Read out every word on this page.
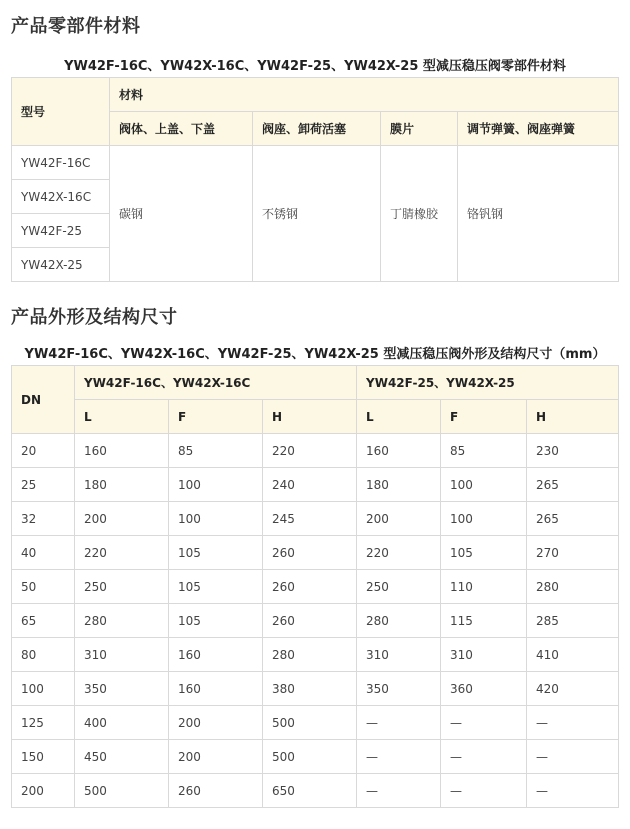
产品零部件材料
YW42F-16C、YW42X-16C、YW42F-25、YW42X-25 型减压稳压阀零部件材料
型号	材料			
	阀体、上盖、下盖	阀座、卸荷活塞	膜片	调节弹簧、阀座弹簧
YW42F-16C	碳钢	不锈钢	丁腈橡胶	铬钒钢
YW42X-16C				
YW42F-25				
YW42X-25				
产品外形及结构尺寸
YW42F-16C、YW42X-16C、YW42F-25、YW42X-25 型减压稳压阀外形及结构尺寸（mm）
DN	YW42F-16C、YW42X-16C			YW42F-25、YW42X-25		
	L	F	H	L	F	H
20	160	85	220	160	85	230
25	180	100	240	180	100	265
32	200	100	245	200	100	265
40	220	105	260	220	105	270
50	250	105	260	250	110	280
65	280	105	260	280	115	285
80	310	160	280	310	310	410
100	350	160	380	350	360	420
125	400	200	500	—	—	—
150	450	200	500	—	—	—
200	500	260	650	—	—	—
